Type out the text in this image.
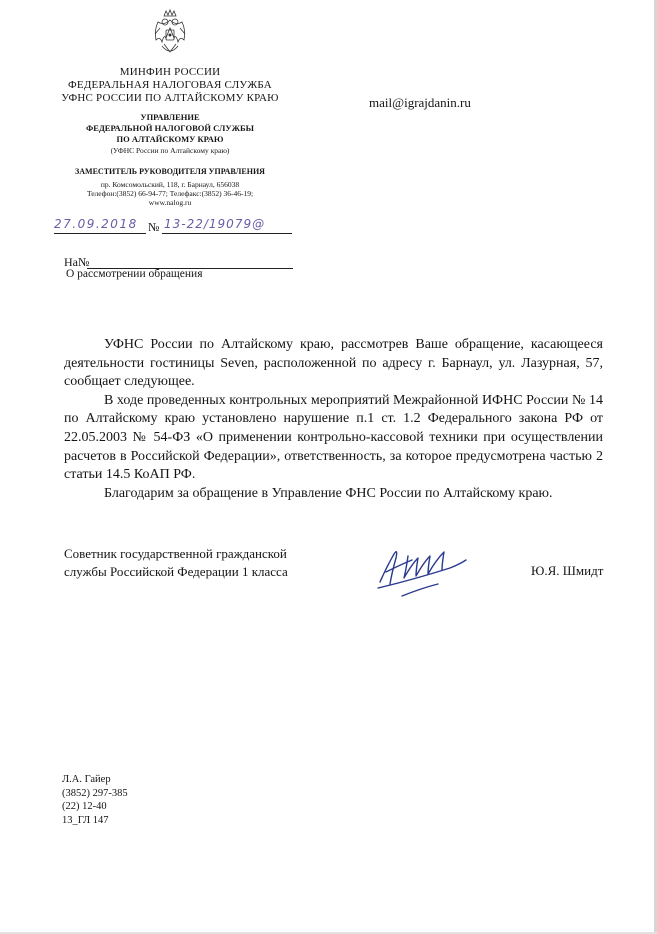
МИНФИН РОССИИ
ФЕДЕРАЛЬНАЯ НАЛОГОВАЯ СЛУЖБА
УФНС РОССИИ ПО АЛТАЙСКОМУ КРАЮ
УПРАВЛЕНИЕ
ФЕДЕРАЛЬНОЙ НАЛОГОВОЙ СЛУЖБЫ
ПО АЛТАЙСКОМУ КРАЮ
(УФНС России по Алтайскому краю)
ЗАМЕСТИТЕЛЬ РУКОВОДИТЕЛЯ УПРАВЛЕНИЯ
пр. Комсомольский, 118, г. Барнаул, 656038
Телефон:(3852) 66-94-77; Телефакс:(3852) 36-46-19;
www.nalog.ru
mail@igrajdanin.ru
27.09.2018 № 13-22/19079@
На№
О рассмотрении обращения

УФНС России по Алтайскому краю, рассмотрев Ваше обращение, касающееся деятельности гостиницы Seven, расположенной по адресу г. Барнаул, ул. Лазурная, 57, сообщает следующее.

В ходе проведенных контрольных мероприятий Межрайонной ИФНС России № 14 по Алтайскому краю установлено нарушение п.1 ст. 1.2 Федерального закона РФ от 22.05.2003 № 54-ФЗ «О применении контрольно-кассовой техники при осуществлении расчетов в Российской Федерации», ответственность, за которое предусмотрена частью 2 статьи 14.5 КоАП РФ.

Благодарим за обращение в Управление ФНС России по Алтайскому краю.

Советник государственной гражданской
службы Российской Федерации 1 класса	Ю.Я. Шмидт
Л.А. Гайер
(3852) 297-385
(22) 12-40
13_ГЛ 147
